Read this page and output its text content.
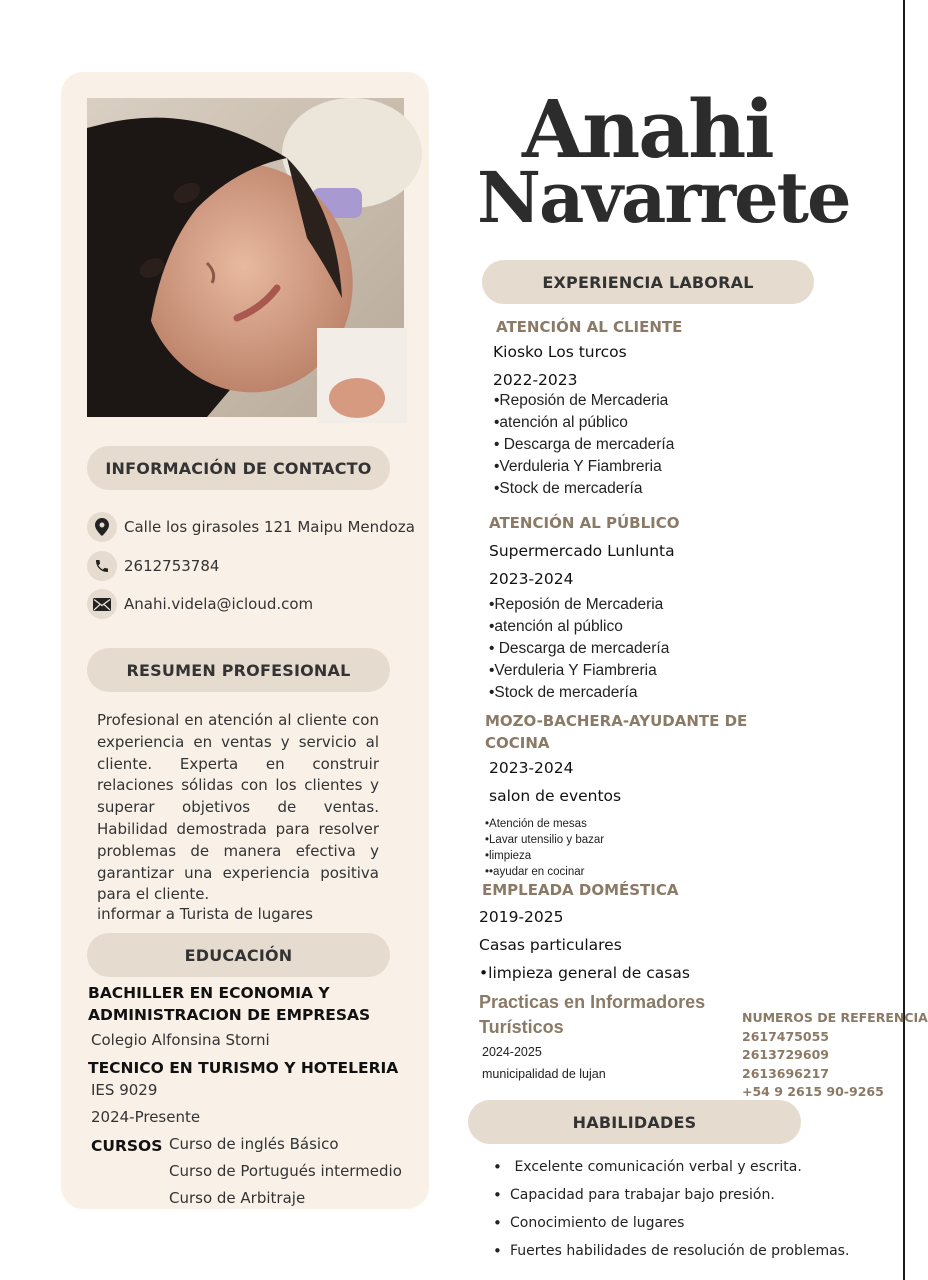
INFORMACIÓN DE CONTACTO
Calle los girasoles 121 Maipu Mendoza
2612753784
Anahi.videla@icloud.com
RESUMEN PROFESIONAL

Profesional en atención al cliente con experiencia en ventas y servicio al cliente. Experta en construir relaciones sólidas con los clientes y superar objetivos de ventas. Habilidad demostrada para resolver problemas de manera efectiva y garantizar una experiencia positiva para el cliente.

informar a Turista de lugares
EDUCACIÓN
BACHILLER EN ECONOMIA Y
ADMINISTRACION DE EMPRESAS
Colegio Alfonsina Storni
TECNICO EN TURISMO Y HOTELERIA
IES 9029
2024-Presente
CURSOS Curso de inglés Básico
Curso de Portugués intermedio
Curso de Arbitraje
Anahi
Navarrete
EXPERIENCIA LABORAL
ATENCIÓN AL CLIENTE
Kiosko Los turcos
2022-2023
•Reposión de Mercaderia
•atención al público
• Descarga de mercadería
•Verduleria Y Fiambreria
•Stock de mercadería
ATENCIÓN AL PÚBLICO
Supermercado Lunlunta
2023-2024
•Reposión de Mercaderia
•atención al público
• Descarga de mercadería
•Verduleria Y Fiambreria
•Stock de mercadería
MOZO-BACHERA-AYUDANTE DE
COCINA
2023-2024
salon de eventos
•Atención de mesas
•Lavar utensilio y bazar
•limpieza
••ayudar en cocinar
EMPLEADA DOMÉSTICA
2019-2025
Casas particulares
•limpieza general de casas
Practicas en Informadores
Turísticos
2024-2025
municipalidad de lujan
NUMEROS DE REFERENCIA
2617475055
2613729609
2613696217
+54 9 2615 90-9265
HABILIDADES
•  Excelente comunicación verbal y escrita.
• Capacidad para trabajar bajo presión.
• Conocimiento de lugares
• Fuertes habilidades de resolución de problemas.
